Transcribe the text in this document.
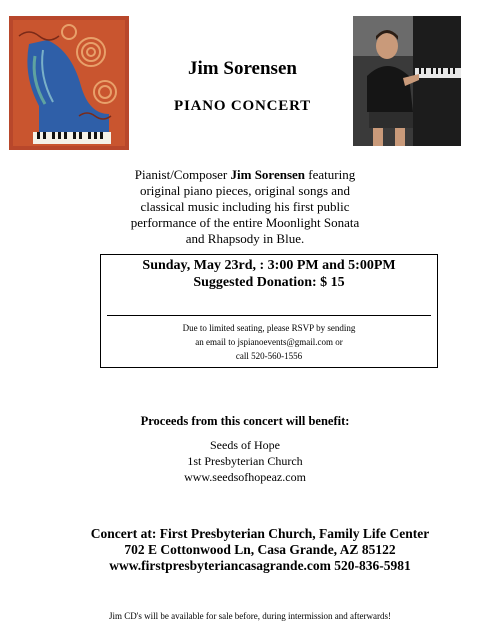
Jim Sorensen
PIANO CONCERT
Pianist/Composer Jim Sorensen featuring
original piano pieces, original songs and
classical music including his first public
performance of the entire Moonlight Sonata
and Rhapsody in Blue.
Sunday, May 23rd, : 3:00 PM and 5:00PM
Suggested Donation: $ 15
Due to limited seating, please RSVP by sending
an email to jspianoevents@gmail.com or
call 520-560-1556
Proceeds from this concert will benefit:
Seeds of Hope
1st Presbyterian Church
www.seedsofhopeaz.com
Concert at: First Presbyterian Church, Family Life Center
702 E Cottonwood Ln, Casa Grande, AZ 85122
www.firstpresbyteriancasagrande.com 520-836-5981
Jim CD's will be available for sale before, during intermission and afterwards!
